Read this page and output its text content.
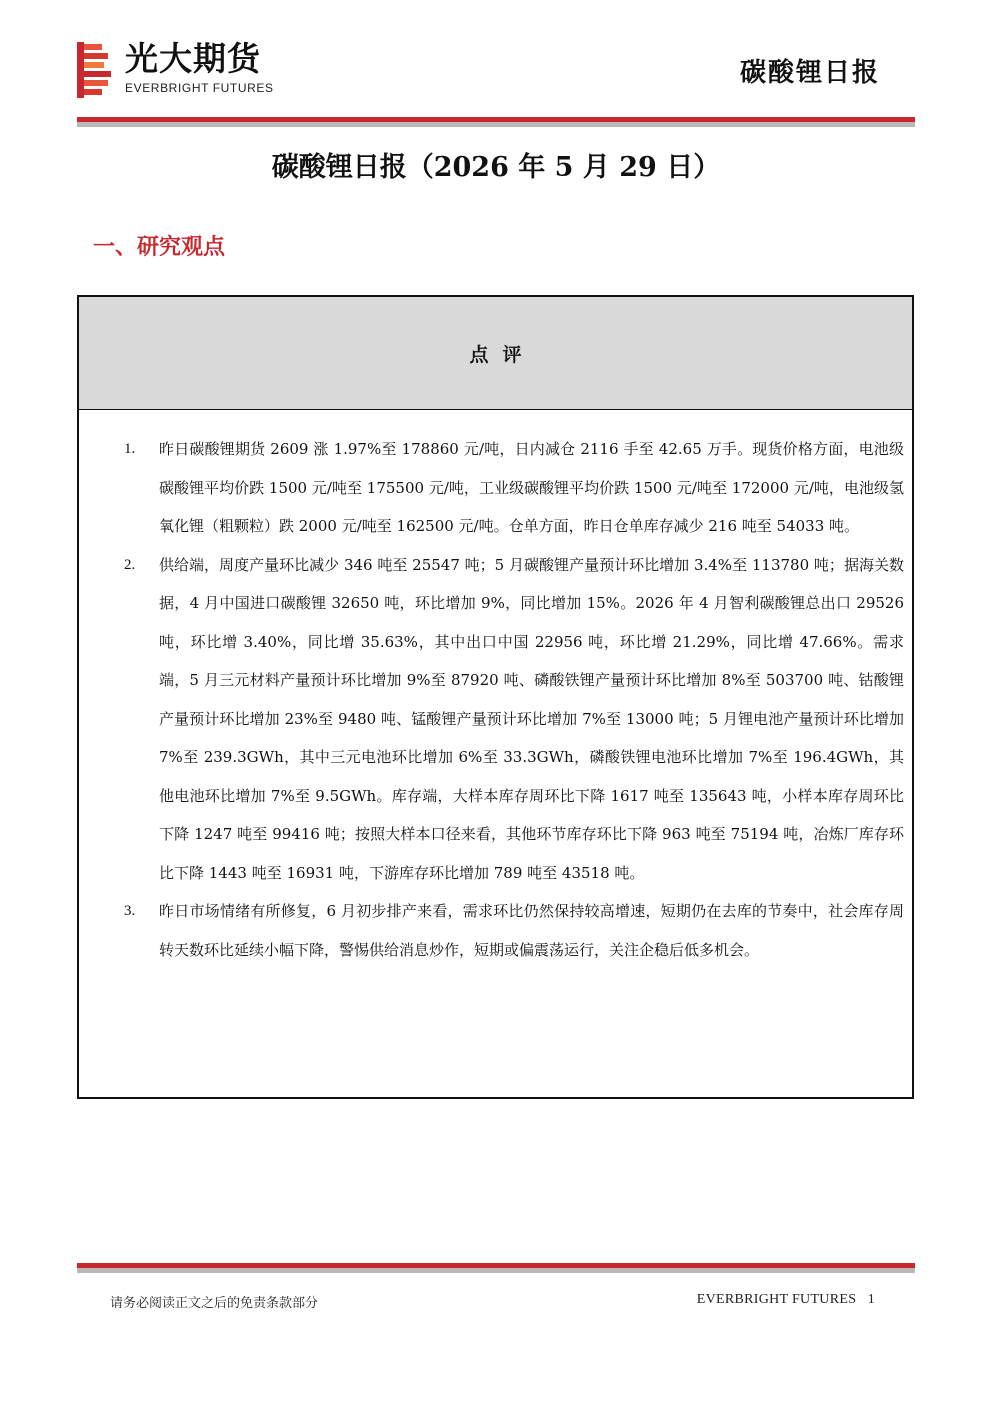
光大期货
EVERBRIGHT FUTURES	碳酸锂日报
碳酸锂日报（2026 年 5 月 29 日）
一、研究观点
点评
1. 昨日碳酸锂期货 2609 涨 1.97%至 178860 元/吨，日内减仓 2116 手至 42.65 万手。现货价格方面，电池级碳酸锂平均价跌 1500 元/吨至 175500 元/吨，工业级碳酸锂平均价跌 1500 元/吨至 172000 元/吨，电池级氢氧化锂（粗颗粒）跌 2000 元/吨至 162500 元/吨。仓单方面，昨日仓单库存减少 216 吨至 54033 吨。
2. 供给端，周度产量环比减少 346 吨至 25547 吨；5 月碳酸锂产量预计环比增加 3.4%至 113780 吨；据海关数据，4 月中国进口碳酸锂 32650 吨，环比增加 9%，同比增加 15%。2026 年 4 月智利碳酸锂总出口 29526 吨，环比增 3.40%，同比增 35.63%，其中出口中国 22956 吨，环比增 21.29%，同比增 47.66%。需求端，5 月三元材料产量预计环比增加 9%至 87920 吨、磷酸铁锂产量预计环比增加 8%至 503700 吨、钴酸锂产量预计环比增加 23%至 9480 吨、锰酸锂产量预计环比增加 7%至 13000 吨；5 月锂电池产量预计环比增加 7%至 239.3GWh，其中三元电池环比增加 6%至 33.3GWh，磷酸铁锂电池环比增加 7%至 196.4GWh，其他电池环比增加 7%至 9.5GWh。库存端，大样本库存周环比下降 1617 吨至 135643 吨，小样本库存周环比下降 1247 吨至 99416 吨；按照大样本口径来看，其他环节库存环比下降 963 吨至 75194 吨，冶炼厂库存环比下降 1443 吨至 16931 吨，下游库存环比增加 789 吨至 43518 吨。
3. 昨日市场情绪有所修复，6 月初步排产来看，需求环比仍然保持较高增速，短期仍在去库的节奏中，社会库存周转天数环比延续小幅下降，警惕供给消息炒作，短期或偏震荡运行，关注企稳后低多机会。
请务必阅读正文之后的免责条款部分	EVERBRIGHT FUTURES 1
